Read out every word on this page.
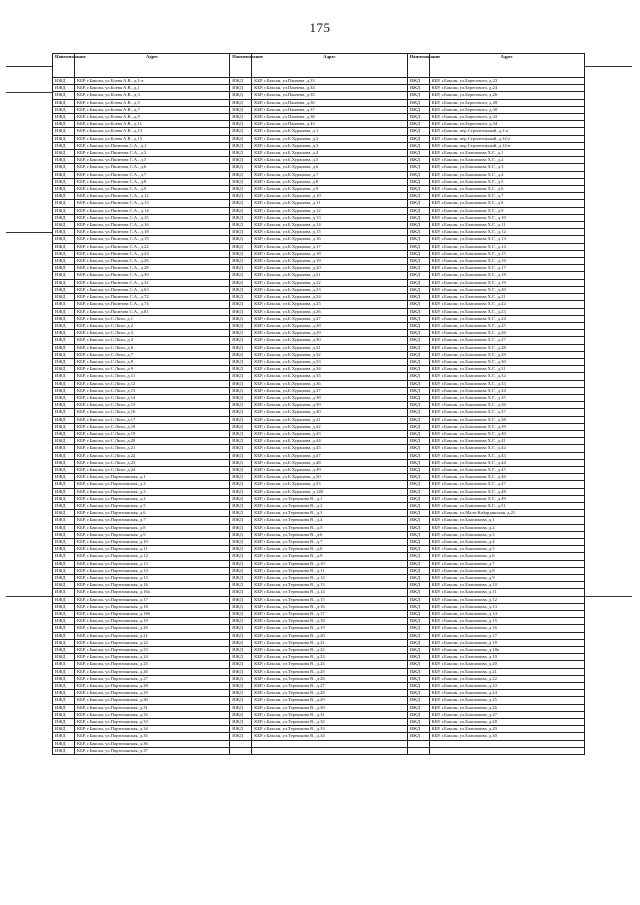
175
Наименование	Адрес	Наименование	Адрес	Наименование	Адрес
ИЖД	КБР, г.Баксан, ул.Боева А.В., д.1-а	ИЖД	КБР, г.Баксан, ул.Панчева, д.33	ИЖД	КБР, г.Баксан, ул.Берегового, д.23
ИЖД	КБР, г.Баксан, ул.Боева А.В., д.1	ИЖД	КБР, г.Баксан, ул.Панчева, д.34	ИЖД	КБР, г.Баксан, ул.Берегового, д.24
ИЖД	КБР, г.Баксан, ул.Боева А.В., д.3	ИЖД	КБР, г.Баксан, ул.Панчева, д.35	ИЖД	КБР, г.Баксан, ул.Берегового, д.26
ИЖД	КБР, г.Баксан, ул.Боева А.В., д.5	ИЖД	КБР, г.Баксан, ул.Панчева, д.36	ИЖД	КБР, г.Баксан, ул.Берегового, д.28
ИЖД	КБР, г.Баксан, ул.Боева А.В., д.7	ИЖД	КБР, г.Баксан, ул.Панчева, д.37	ИЖД	КБР, г.Баксан, ул.Берегового, д.30
ИЖД	КБР, г.Баксан, ул.Боева А.В., д.9	ИЖД	КБР, г.Баксан, ул.Панчева, д.38	ИЖД	КБР, г.Баксан, ул.Берегового, д.32
ИЖД	КБР, г.Баксан, ул.Боева А.В., д.11	ИЖД	КБР, г.Баксан, ул.Панчева, д.43	ИЖД	КБР, г.Баксан, ул.Берегового, д.34
ИЖД	КБР, г.Баксан, ул.Боева А.В., д.13	ИЖД	КБР, г.Баксан, ул.Б.Хуранова, д.1	ИЖД	КБР, г.Баксан, пер.Строительный, д.1-а
ИЖД	КБР, г.Баксан, ул.Боева А.В., д.15	ИЖД	КБР, г.Баксан, ул.Б.Хуранова, д.2	ИЖД	КБР, г.Баксан, пер.Строительный, д.12-а
ИЖД	КБР, г.Баксан, ул.Пшитова С.А., д.1	ИЖД	КБР, г.Баксан, ул.Б.Хуранова, д.3	ИЖД	КБР, г.Баксан, пер.Строительный, д.12-в
ИЖД	КБР, г.Баксан, ул.Пшитова С.А., д.3	ИЖД	КБР, г.Баксан, ул.Б.Хуранова, д.4	ИЖД	КБР, г.Баксан, ул.Блашокова Х.Г., д.1
ИЖД	КБР, г.Баксан, ул.Пшитова С.А., д.5	ИЖД	КБР, г.Баксан, ул.Б.Хуранова, д.5	ИЖД	КБР, г.Баксан, ул.Блашокова Х.Г., д.2
ИЖД	КБР, г.Баксан, ул.Пшитова С.А., д.6	ИЖД	КБР, г.Баксан, ул.Б.Хуранова, д.6	ИЖД	КБР, г.Баксан, ул.Блашокова Х.Г., д.3
ИЖД	КБР, г.Баксан, ул.Пшитова С.А., д.7	ИЖД	КБР, г.Баксан, ул.Б.Хуранова, д.7	ИЖД	КБР, г.Баксан, ул.Блашокова Х.Г., д.4
ИЖД	КБР, г.Баксан, ул.Пшитова С.А., д.8	ИЖД	КБР, г.Баксан, ул.Б.Хуранова, д.8	ИЖД	КБР, г.Баксан, ул.Блашокова Х.Г., д.5
ИЖД	КБР, г.Баксан, ул.Пшитова С.А., д.9	ИЖД	КБР, г.Баксан, ул.Б.Хуранова, д.9	ИЖД	КБР, г.Баксан, ул.Блашокова Х.Г., д.6
ИЖД	КБР, г.Баксан, ул.Пшитова С.А., д.12	ИЖД	КБР, г.Баксан, ул.Б.Хуранова, д.10	ИЖД	КБР, г.Баксан, ул.Блашокова Х.Г., д.7
ИЖД	КБР, г.Баксан, ул.Пшитова С.А., д.13	ИЖД	КБР, г.Баксан, ул.Б.Хуранова, д.11	ИЖД	КБР, г.Баксан, ул.Блашокова Х.Г., д.8
ИЖД	КБР, г.Баксан, ул.Пшитова С.А., д.14	ИЖД	КБР, г.Баксан, ул.Б.Хуранова, д.12	ИЖД	КБР, г.Баксан, ул.Блашокова Х.Г., д.9
ИЖД	КБР, г.Баксан, ул.Пшитова С.А., д.15	ИЖД	КБР, г.Баксан, ул.Б.Хуранова, д.13	ИЖД	КБР, г.Баксан, ул.Блашокова Х.Г., д.10
ИЖД	КБР, г.Баксан, ул.Пшитова С.А., д.16	ИЖД	КБР, г.Баксан, ул.Б.Хуранова, д.14	ИЖД	КБР, г.Баксан, ул.Блашокова Х.Г., д.11
ИЖД	КБР, г.Баксан, ул.Пшитова С.А., д.18	ИЖД	КБР, г.Баксан, ул.Б.Хуранова, д.15	ИЖД	КБР, г.Баксан, ул.Блашокова Х.Г., д.12
ИЖД	КБР, г.Баксан, ул.Пшитова С.А., д.19	ИЖД	КБР, г.Баксан, ул.Б.Хуранова, д.16	ИЖД	КБР, г.Баксан, ул.Блашокова Х.Г., д.13
ИЖД	КБР, г.Баксан, ул.Пшитова С.А., д.22	ИЖД	КБР, г.Баксан, ул.Б.Хуранова, д.17	ИЖД	КБР, г.Баксан, ул.Блашокова Х.Г., д.14
ИЖД	КБР, г.Баксан, ул.Пшитова С.А., д.24	ИЖД	КБР, г.Баксан, ул.Б.Хуранова, д.18	ИЖД	КБР, г.Баксан, ул.Блашокова Х.Г., д.15
ИЖД	КБР, г.Баксан, ул.Пшитова С.А., д.26	ИЖД	КБР, г.Баксан, ул.Б.Хуранова, д.19	ИЖД	КБР, г.Баксан, ул.Блашокова Х.Г., д.16
ИЖД	КБР, г.Баксан, ул.Пшитова С.А., д.28	ИЖД	КБР, г.Баксан, ул.Б.Хуранова, д.20	ИЖД	КБР, г.Баксан, ул.Блашокова Х.Г., д.17
ИЖД	КБР, г.Баксан, ул.Пшитова С.А., д.30	ИЖД	КБР, г.Баксан, ул.Б.Хуранова, д.21	ИЖД	КБР, г.Баксан, ул.Блашокова Х.Г., д.18
ИЖД	КБР, г.Баксан, ул.Пшитова С.А., д.32	ИЖД	КБР, г.Баксан, ул.Б.Хуранова, д.22	ИЖД	КБР, г.Баксан, ул.Блашокова Х.Г., д.19
ИЖД	КБР, г.Баксан, ул.Пшитова С.А., д.63	ИЖД	КБР, г.Баксан, ул.Б.Хуранова, д.23	ИЖД	КБР, г.Баксан, ул.Блашокова Х.Г., д.20
ИЖД	КБР, г.Баксан, ул.Пшитова С.А., д.72	ИЖД	КБР, г.Баксан, ул.Б.Хуранова, д.24	ИЖД	КБР, г.Баксан, ул.Блашокова Х.Г., д.21
ИЖД	КБР, г.Баксан, ул.Пшитова С.А., д.74	ИЖД	КБР, г.Баксан, ул.Б.Хуранова, д.25	ИЖД	КБР, г.Баксан, ул.Блашокова Х.Г., д.22
ИЖД	КБР, г.Баксан, ул.Пшитова С.А., д.81	ИЖД	КБР, г.Баксан, ул.Б.Хуранова, д.26	ИЖД	КБР, г.Баксан, ул.Блашокова Х.Г., д.23
ИЖД	КБР, г.Баксан, ул.С.Лихо, д.1	ИЖД	КБР, г.Баксан, ул.Б.Хуранова, д.27	ИЖД	КБР, г.Баксан, ул.Блашокова Х.Г., д.24
ИЖД	КБР, г.Баксан, ул.С.Лихо, д.2	ИЖД	КБР, г.Баксан, ул.Б.Хуранова, д.28	ИЖД	КБР, г.Баксан, ул.Блашокова Х.Г., д.25
ИЖД	КБР, г.Баксан, ул.С.Лихо, д.3	ИЖД	КБР, г.Баксан, ул.Б.Хуранова, д.29	ИЖД	КБР, г.Баксан, ул.Блашокова Х.Г., д.26
ИЖД	КБР, г.Баксан, ул.С.Лихо, д.4	ИЖД	КБР, г.Баксан, ул.Б.Хуранова, д.30	ИЖД	КБР, г.Баксан, ул.Блашокова Х.Г., д.27
ИЖД	КБР, г.Баксан, ул.С.Лихо, д.6	ИЖД	КБР, г.Баксан, ул.Б.Хуранова, д.31	ИЖД	КБР, г.Баксан, ул.Блашокова Х.Г., д.28
ИЖД	КБР, г.Баксан, ул.С.Лихо, д.7	ИЖД	КБР, г.Баксан, ул.Б.Хуранова, д.32	ИЖД	КБР, г.Баксан, ул.Блашокова Х.Г., д.29
ИЖД	КБР, г.Баксан, ул.С.Лихо, д.8	ИЖД	КБР, г.Баксан, ул.Б.Хуранова, д.33	ИЖД	КБР, г.Баксан, ул.Блашокова Х.Г., д.30
ИЖД	КБР, г.Баксан, ул.С.Лихо, д.9	ИЖД	КБР, г.Баксан, ул.Б.Хуранова, д.34	ИЖД	КБР, г.Баксан, ул.Блашокова Х.Г., д.31
ИЖД	КБР, г.Баксан, ул.С.Лихо, д.11	ИЖД	КБР, г.Баксан, ул.Б.Хуранова, д.35	ИЖД	КБР, г.Баксан, ул.Блашокова Х.Г., д.32
ИЖД	КБР, г.Баксан, ул.С.Лихо, д.12	ИЖД	КБР, г.Баксан, ул.Б.Хуранова, д.36	ИЖД	КБР, г.Баксан, ул.Блашокова Х.Г., д.33
ИЖД	КБР, г.Баксан, ул.С.Лихо, д.13	ИЖД	КБР, г.Баксан, ул.Б.Хуранова, д.37	ИЖД	КБР, г.Баксан, ул.Блашокова Х.Г., д.34
ИЖД	КБР, г.Баксан, ул.С.Лихо, д.14	ИЖД	КБР, г.Баксан, ул.Б.Хуранова, д.38	ИЖД	КБР, г.Баксан, ул.Блашокова Х.Г., д.35
ИЖД	КБР, г.Баксан, ул.С.Лихо, д.15	ИЖД	КБР, г.Баксан, ул.Б.Хуранова, д.39	ИЖД	КБР, г.Баксан, ул.Блашокова Х.Г., д.36
ИЖД	КБР, г.Баксан, ул.С.Лихо, д.16	ИЖД	КБР, г.Баксан, ул.Б.Хуранова, д.40	ИЖД	КБР, г.Баксан, ул.Блашокова Х.Г., д.37
ИЖД	КБР, г.Баксан, ул.С.Лихо, д.17	ИЖД	КБР, г.Баксан, ул.Б.Хуранова, д.41	ИЖД	КБР, г.Баксан, ул.Блашокова Х.Г., д.38
ИЖД	КБР, г.Баксан, ул.С.Лихо, д.18	ИЖД	КБР, г.Баксан, ул.Б.Хуранова, д.42	ИЖД	КБР, г.Баксан, ул.Блашокова Х.Г., д.39
ИЖД	КБР, г.Баксан, ул.С.Лихо, д.19	ИЖД	КБР, г.Баксан, ул.Б.Хуранова, д.43	ИЖД	КБР, г.Баксан, ул.Блашокова Х.Г., д.40
ИЖД	КБР, г.Баксан, ул.С.Лихо, д.20	ИЖД	КБР, г.Баксан, ул.Б.Хуранова, д.44	ИЖД	КБР, г.Баксан, ул.Блашокова Х.Г., д.41
ИЖД	КБР, г.Баксан, ул.С.Лихо, д.21	ИЖД	КБР, г.Баксан, ул.Б.Хуранова, д.45	ИЖД	КБР, г.Баксан, ул.Блашокова Х.Г., д.42
ИЖД	КБР, г.Баксан, ул.С.Лихо, д.22	ИЖД	КБР, г.Баксан, ул.Б.Хуранова, д.47	ИЖД	КБР, г.Баксан, ул.Блашокова Х.Г., д.43
ИЖД	КБР, г.Баксан, ул.С.Лихо, д.23	ИЖД	КБР, г.Баксан, ул.Б.Хуранова, д.48	ИЖД	КБР, г.Баксан, ул.Блашокова Х.Г., д.44
ИЖД	КБР, г.Баксан, ул.С.Лихо, д.24	ИЖД	КБР, г.Баксан, ул.Б.Хуранова, д.49	ИЖД	КБР, г.Баксан, ул.Блашокова Х.Г., д.45
ИЖД	КБР, г.Баксан, ул.Партизанская, д.1	ИЖД	КБР, г.Баксан, ул.Б.Хуранова, д.50	ИЖД	КБР, г.Баксан, ул.Блашокова Х.Г., д.46
ИЖД	КБР, г.Баксан, ул.Партизанская, д.2	ИЖД	КБР, г.Баксан, ул.Б.Хуранова, д.55	ИЖД	КБР, г.Баксан, ул.Блашокова Х.Г., д.47
ИЖД	КБР, г.Баксан, ул.Партизанская, д.3	ИЖД	КБР, г.Баксан, ул.Б.Хуранова, д.148	ИЖД	КБР, г.Баксан, ул.Блашокова Х.Г., д.48
ИЖД	КБР, г.Баксан, ул.Партизанская, д.4	ИЖД	КБР, г.Баксан, ул.Терешкова В., д.1	ИЖД	КБР, г.Баксан, ул.Блашокова Х.Г., д.49
ИЖД	КБР, г.Баксан, ул.Партизанская, д.5	ИЖД	КБР, г.Баксан, ул.Терешкова В., д.2	ИЖД	КБР, г.Баксан, ул.Блашокова Х.Г., д.51
ИЖД	КБР, г.Баксан, ул.Партизанская, д.6	ИЖД	КБР, г.Баксан, ул.Терешкова В., д.3	ИЖД	КБР, г.Баксан, ул.Мало-Кабардинская, д.21
ИЖД	КБР, г.Баксан, ул.Партизанская, д.7	ИЖД	КБР, г.Баксан, ул.Терешкова В., д.4	ИЖД	КБР, г.Баксан, ул.Блашокова, д.1
ИЖД	КБР, г.Баксан, ул.Партизанская, д.8	ИЖД	КБР, г.Баксан, ул.Терешкова В., д.5	ИЖД	КБР, г.Баксан, ул.Блашокова, д.2
ИЖД	КБР, г.Баксан, ул.Партизанская, д.9	ИЖД	КБР, г.Баксан, ул.Терешкова В., д.6	ИЖД	КБР, г.Баксан, ул.Блашокова, д.3
ИЖД	КБР, г.Баксан, ул.Партизанская, д.10	ИЖД	КБР, г.Баксан, ул.Терешкова В., д.7	ИЖД	КБР, г.Баксан, ул.Блашокова, д.4
ИЖД	КБР, г.Баксан, ул.Партизанская, д.11	ИЖД	КБР, г.Баксан, ул.Терешкова В., д.8	ИЖД	КБР, г.Баксан, ул.Блашокова, д.5
ИЖД	КБР, г.Баксан, ул.Партизанская, д.12	ИЖД	КБР, г.Баксан, ул.Терешкова В., д.9	ИЖД	КБР, г.Баксан, ул.Блашокова, д.6
ИЖД	КБР, г.Баксан, ул.Партизанская, д.13	ИЖД	КБР, г.Баксан, ул.Терешкова В., д.10	ИЖД	КБР, г.Баксан, ул.Блашокова, д.7
ИЖД	КБР, г.Баксан, ул.Партизанская, д.14	ИЖД	КБР, г.Баксан, ул.Терешкова В., д.11	ИЖД	КБР, г.Баксан, ул.Блашокова, д.8
ИЖД	КБР, г.Баксан, ул.Партизанская, д.15	ИЖД	КБР, г.Баксан, ул.Терешкова В., д.12	ИЖД	КБР, г.Баксан, ул.Блашокова, д.9
ИЖД	КБР, г.Баксан, ул.Партизанская, д.16	ИЖД	КБР, г.Баксан, ул.Терешкова В., д.13	ИЖД	КБР, г.Баксан, ул.Блашокова, д.10
ИЖД	КБР, г.Баксан, ул.Партизанская, д.16а	ИЖД	КБР, г.Баксан, ул.Терешкова В., д.14	ИЖД	КБР, г.Баксан, ул.Блашокова, д.11
ИЖД	КБР, г.Баксан, ул.Партизанская, д.17	ИЖД	КБР, г.Баксан, ул.Терешкова В., д.15	ИЖД	КБР, г.Баксан, ул.Блашокова, д.12
ИЖД	КБР, г.Баксан, ул.Партизанская, д.18	ИЖД	КБР, г.Баксан, ул.Терешкова В., д.16	ИЖД	КБР, г.Баксан, ул.Блашокова, д.13
ИЖД	КБР, г.Баксан, ул.Партизанская, д.18б	ИЖД	КБР, г.Баксан, ул.Терешкова В., д.17	ИЖД	КБР, г.Баксан, ул.Блашокова, д.14
ИЖД	КБР, г.Баксан, ул.Партизанская, д.19	ИЖД	КБР, г.Баксан, ул.Терешкова В., д.18	ИЖД	КБР, г.Баксан, ул.Блашокова, д.15
ИЖД	КБР, г.Баксан, ул.Партизанская, д.20	ИЖД	КБР, г.Баксан, ул.Терешкова В., д.19	ИЖД	КБР, г.Баксан, ул.Блашокова, д.16
ИЖД	КБР, г.Баксан, ул.Партизанская, д.21	ИЖД	КБР, г.Баксан, ул.Терешкова В., д.20	ИЖД	КБР, г.Баксан, ул.Блашокова, д.17
ИЖД	КБР, г.Баксан, ул.Партизанская, д.22	ИЖД	КБР, г.Баксан, ул.Терешкова В., д.21	ИЖД	КБР, г.Баксан, ул.Блашокова, д.18
ИЖД	КБР, г.Баксан, ул.Партизанская, д.23	ИЖД	КБР, г.Баксан, ул.Терешкова В., д.22	ИЖД	КБР, г.Баксан, ул.Блашокова, д.18а
ИЖД	КБР, г.Баксан, ул.Партизанская, д.24	ИЖД	КБР, г.Баксан, ул.Терешкова В., д.23	ИЖД	КБР, г.Баксан, ул.Блашокова, д.19
ИЖД	КБР, г.Баксан, ул.Партизанская, д.25	ИЖД	КБР, г.Баксан, ул.Терешкова В., д.24	ИЖД	КБР, г.Баксан, ул.Блашокова, д.20
ИЖД	КБР, г.Баксан, ул.Партизанская, д.26	ИЖД	КБР, г.Баксан, ул.Терешкова В., д.25	ИЖД	КБР, г.Баксан, ул.Блашокова, д.21
ИЖД	КБР, г.Баксан, ул.Партизанская, д.27	ИЖД	КБР, г.Баксан, ул.Терешкова В., д.26	ИЖД	КБР, г.Баксан, ул.Блашокова, д.22
ИЖД	КБР, г.Баксан, ул.Партизанская, д.28	ИЖД	КБР, г.Баксан, ул.Терешкова В., д.27	ИЖД	КБР, г.Баксан, ул.Блашокова, д.23
ИЖД	КБР, г.Баксан, ул.Партизанская, д.29	ИЖД	КБР, г.Баксан, ул.Терешкова В., д.28	ИЖД	КБР, г.Баксан, ул.Блашокова, д.24
ИЖД	КБР, г.Баксан, ул.Партизанская, д.30	ИЖД	КБР, г.Баксан, ул.Терешкова В., д.29	ИЖД	КБР, г.Баксан, ул.Блашокова, д.25
ИЖД	КБР, г.Баксан, ул.Партизанская, д.31	ИЖД	КБР, г.Баксан, ул.Терешкова В., д.30	ИЖД	КБР, г.Баксан, ул.Блашокова, д.26
ИЖД	КБР, г.Баксан, ул.Партизанская, д.32	ИЖД	КБР, г.Баксан, ул.Терешкова В., д.31	ИЖД	КБР, г.Баксан, ул.Блашокова, д.27
ИЖД	КБР, г.Баксан, ул.Партизанская, д.33	ИЖД	КБР, г.Баксан, ул.Терешкова В., д.32	ИЖД	КБР, г.Баксан, ул.Блашокова, д.28
ИЖД	КБР, г.Баксан, ул.Партизанская, д.34	ИЖД	КБР, г.Баксан, ул.Терешкова В., д.33	ИЖД	КБР, г.Баксан, ул.Блашокова, д.29
ИЖД	КБР, г.Баксан, ул.Партизанская, д.35	ИЖД	КБР, г.Баксан, ул.Терешкова В., д.34	ИЖД	КБР, г.Баксан, ул.Блашокова, д.30
ИЖД	КБР, г.Баксан, ул.Партизанская, д.36				
ИЖД	КБР, г.Баксан, ул.Партизанская, д.37				
